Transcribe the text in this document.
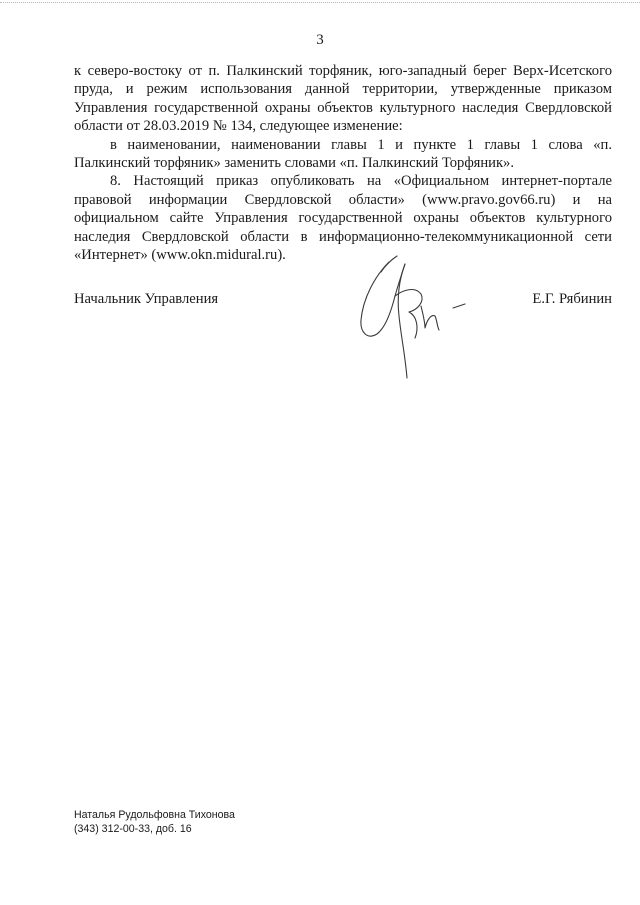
3

к северо-востоку от п. Палкинский торфяник, юго-западный берег Верх-Исетского пруда, и режим использования данной территории, утвержденные приказом Управления государственной охраны объектов культурного наследия Свердловской области от 28.03.2019 № 134, следующее изменение:

в наименовании, наименовании главы 1 и пункте 1 главы 1 слова «п. Палкинский торфяник» заменить словами «п. Палкинский Торфяник».

8. Настоящий приказ опубликовать на «Официальном интернет-портале правовой информации Свердловской области» (www.pravo.gov66.ru) и на официальном сайте Управления государственной охраны объектов культурного наследия Свердловской области в информационно-телекоммуникационной сети «Интернет» (www.okn.midural.ru).

Начальник Управления	Е.Г. Рябинин
Наталья Рудольфовна Тихонова
(343) 312-00-33, доб. 16
